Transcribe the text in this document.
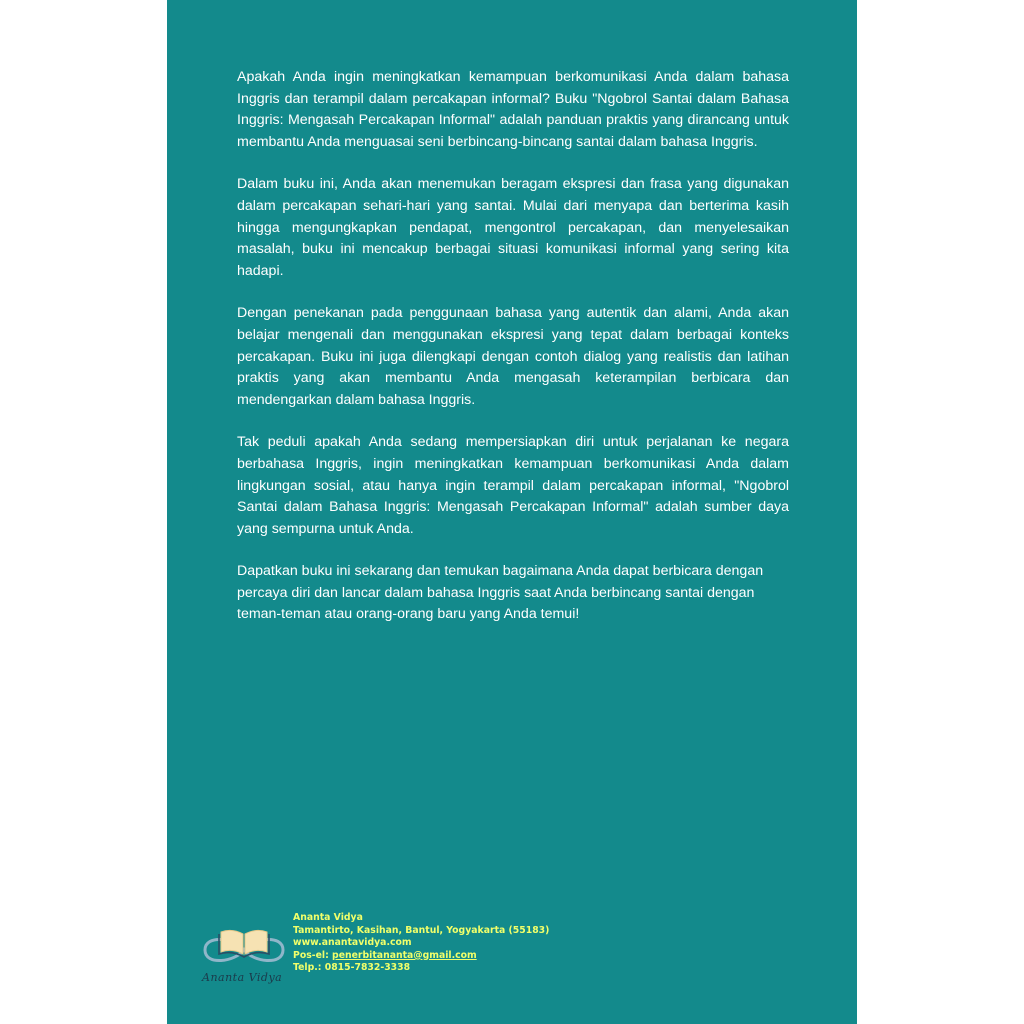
Apakah Anda ingin meningkatkan kemampuan berkomunikasi Anda dalam bahasa Inggris dan terampil dalam percakapan informal? Buku "Ngobrol Santai dalam Bahasa Inggris: Mengasah Percakapan Informal" adalah panduan praktis yang dirancang untuk membantu Anda menguasai seni berbincang-bincang santai dalam bahasa Inggris.

Dalam buku ini, Anda akan menemukan beragam ekspresi dan frasa yang digunakan dalam percakapan sehari-hari yang santai. Mulai dari menyapa dan berterima kasih hingga mengungkapkan pendapat, mengontrol percakapan, dan menyelesaikan masalah, buku ini mencakup berbagai situasi komunikasi informal yang sering kita hadapi.

Dengan penekanan pada penggunaan bahasa yang autentik dan alami, Anda akan belajar mengenali dan menggunakan ekspresi yang tepat dalam berbagai konteks percakapan. Buku ini juga dilengkapi dengan contoh dialog yang realistis dan latihan praktis yang akan membantu Anda mengasah keterampilan berbicara dan mendengarkan dalam bahasa Inggris.

Tak peduli apakah Anda sedang mempersiapkan diri untuk perjalanan ke negara berbahasa Inggris, ingin meningkatkan kemampuan berkomunikasi Anda dalam lingkungan sosial, atau hanya ingin terampil dalam percakapan informal, "Ngobrol Santai dalam Bahasa Inggris: Mengasah Percakapan Informal" adalah sumber daya yang sempurna untuk Anda.

Dapatkan buku ini sekarang dan temukan bagaimana Anda dapat berbicara dengan percaya diri dan lancar dalam bahasa Inggris saat Anda berbincang santai dengan teman-teman atau orang-orang baru yang Anda temui!

Ananta Vidya
Ananta Vidya
Tamantirto, Kasihan, Bantul, Yogyakarta (55183)
www.anantavidya.com
Pos-el: penerbitananta@gmail.com
Telp.: 0815-7832-3338
